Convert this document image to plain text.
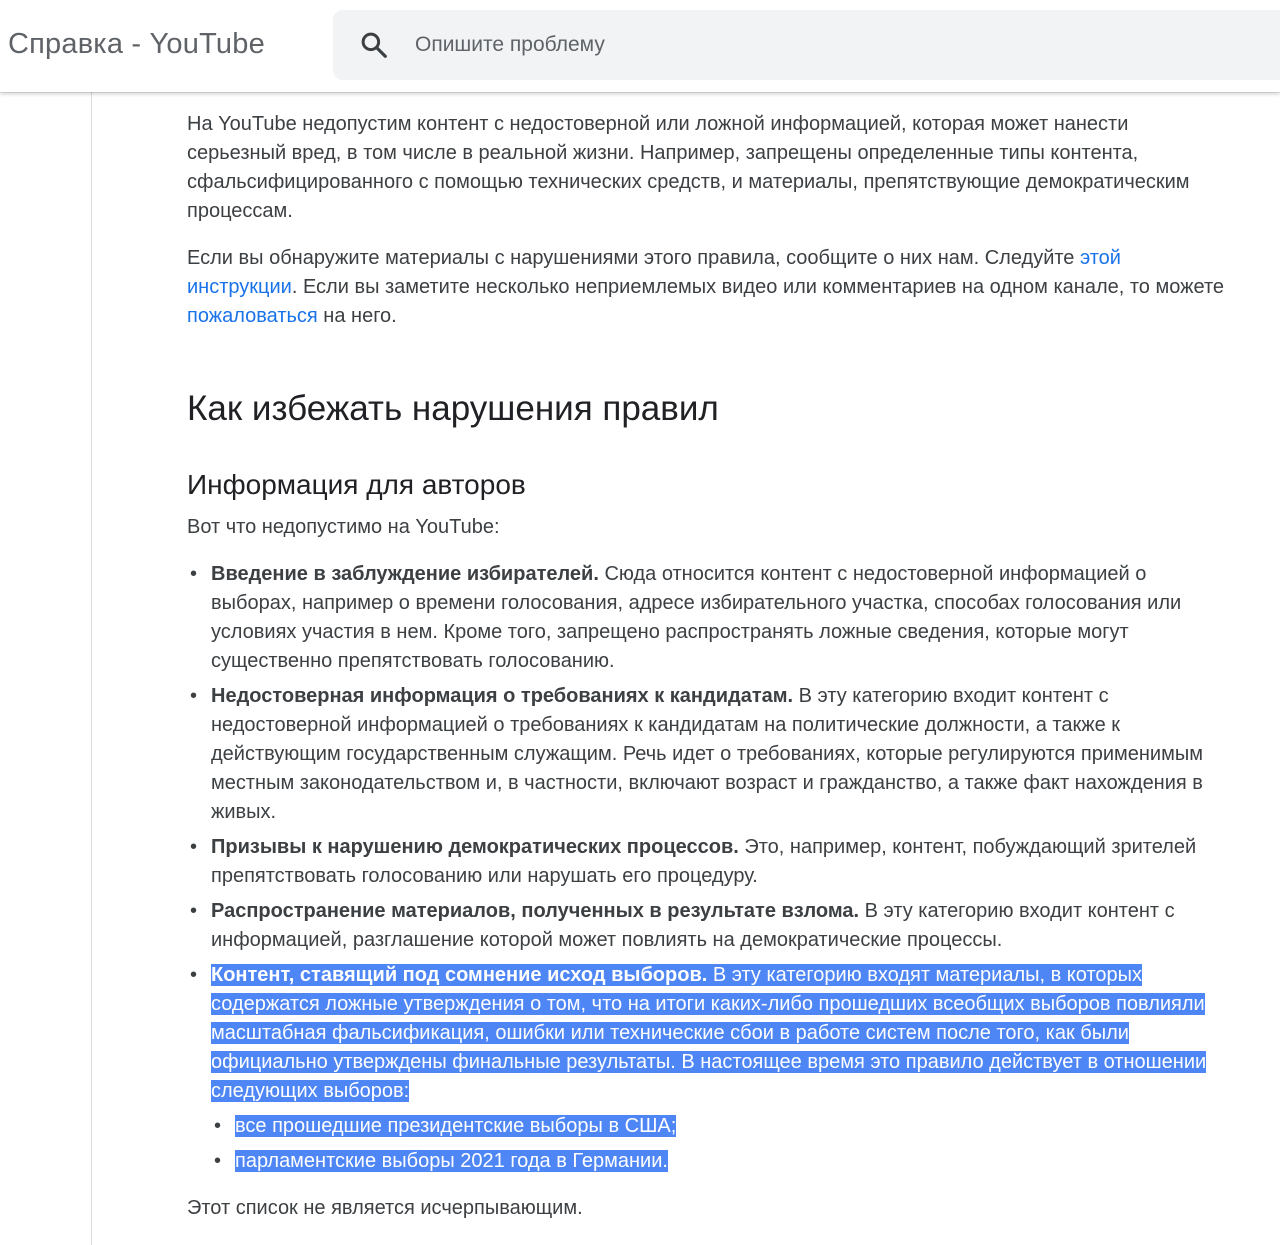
Справка - YouTube
Опишите проблему

На YouTube недопустим контент с недостоверной или ложной информацией, которая может нанести серьезный вред, в том числе в реальной жизни. Например, запрещены определенные типы контента, сфальсифицированного с помощью технических средств, и материалы, препятствующие демократическим процессам.

Если вы обнаружите материалы с нарушениями этого правила, сообщите о них нам. Следуйте этой инструкции. Если вы заметите несколько неприемлемых видео или комментариев на одном канале, то можете пожаловаться на него.

Как избежать нарушения правил
Информация для авторов

Вот что недопустимо на YouTube:

• Введение в заблуждение избирателей. Сюда относится контент с недостоверной информацией о выборах, например о времени голосования, адресе избирательного участка, способах голосования или условиях участия в нем. Кроме того, запрещено распространять ложные сведения, которые могут существенно препятствовать голосованию.
• Недостоверная информация о требованиях к кандидатам. В эту категорию входит контент с недостоверной информацией о требованиях к кандидатам на политические должности, а также к действующим государственным служащим. Речь идет о требованиях, которые регулируются применимым местным законодательством и, в частности, включают возраст и гражданство, а также факт нахождения в живых.
• Призывы к нарушению демократических процессов. Это, например, контент, побуждающий зрителей препятствовать голосованию или нарушать его процедуру.
• Распространение материалов, полученных в результате взлома. В эту категорию входит контент с информацией, разглашение которой может повлиять на демократические процессы.
• Контент, ставящий под сомнение исход выборов. В эту категорию входят материалы, в которых содержатся ложные утверждения о том, что на итоги каких-либо прошедших всеобщих выборов повлияли масштабная фальсификация, ошибки или технические сбои в работе систем после того, как были официально утверждены финальные результаты. В настоящее время это правило действует в отношении следующих выборов:
• все прошедшие президентские выборы в США;
• парламентские выборы 2021 года в Германии.

Этот список не является исчерпывающим.
